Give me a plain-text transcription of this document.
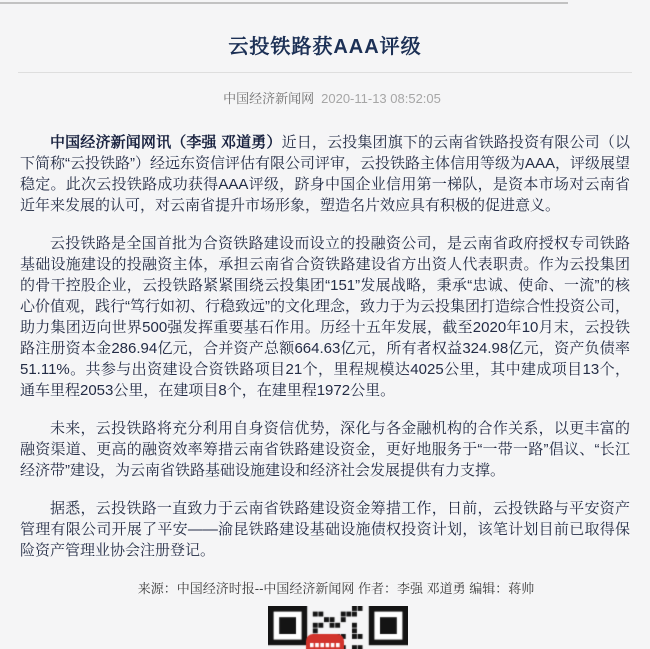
云投铁路获AAA评级
中国经济新闻网 2020-11-13 08:52:05

中国经济新闻网讯（李强 邓道勇）近日，云投集团旗下的云南省铁路投资有限公司（以下简称“云投铁路”）经远东资信评估有限公司评审，云投铁路主体信用等级为AAA，评级展望稳定。此次云投铁路成功获得AAA评级，跻身中国企业信用第一梯队，是资本市场对云南省近年来发展的认可，对云南省提升市场形象，塑造名片效应具有积极的促进意义。

云投铁路是全国首批为合资铁路建设而设立的投融资公司，是云南省政府授权专司铁路基础设施建设的投融资主体，承担云南省合资铁路建设省方出资人代表职责。作为云投集团的骨干控股企业，云投铁路紧紧围绕云投集团“151”发展战略，秉承“忠诚、使命、一流”的核心价值观，践行“笃行如初、行稳致远”的文化理念，致力于为云投集团打造综合性投资公司，助力集团迈向世界500强发挥重要基石作用。历经十五年发展，截至2020年10月末，云投铁路注册资本金286.94亿元，合并资产总额664.63亿元，所有者权益324.98亿元，资产负债率51.11%。共参与出资建设合资铁路项目21个，里程规模达4025公里，其中建成项目13个，通车里程2053公里，在建项目8个，在建里程1972公里。

未来，云投铁路将充分利用自身资信优势，深化与各金融机构的合作关系，以更丰富的融资渠道、更高的融资效率筹措云南省铁路建设资金，更好地服务于“一带一路”倡议、“长江经济带”建设，为云南省铁路基础设施建设和经济社会发展提供有力支撑。

据悉，云投铁路一直致力于云南省铁路建设资金筹措工作，日前，云投铁路与平安资产管理有限公司开展了平安——渝昆铁路建设基础设施债权投资计划，该笔计划目前已取得保险资产管理业协会注册登记。

来源：中国经济时报--中国经济新闻网 作者：李强 邓道勇 编辑：蒋帅
